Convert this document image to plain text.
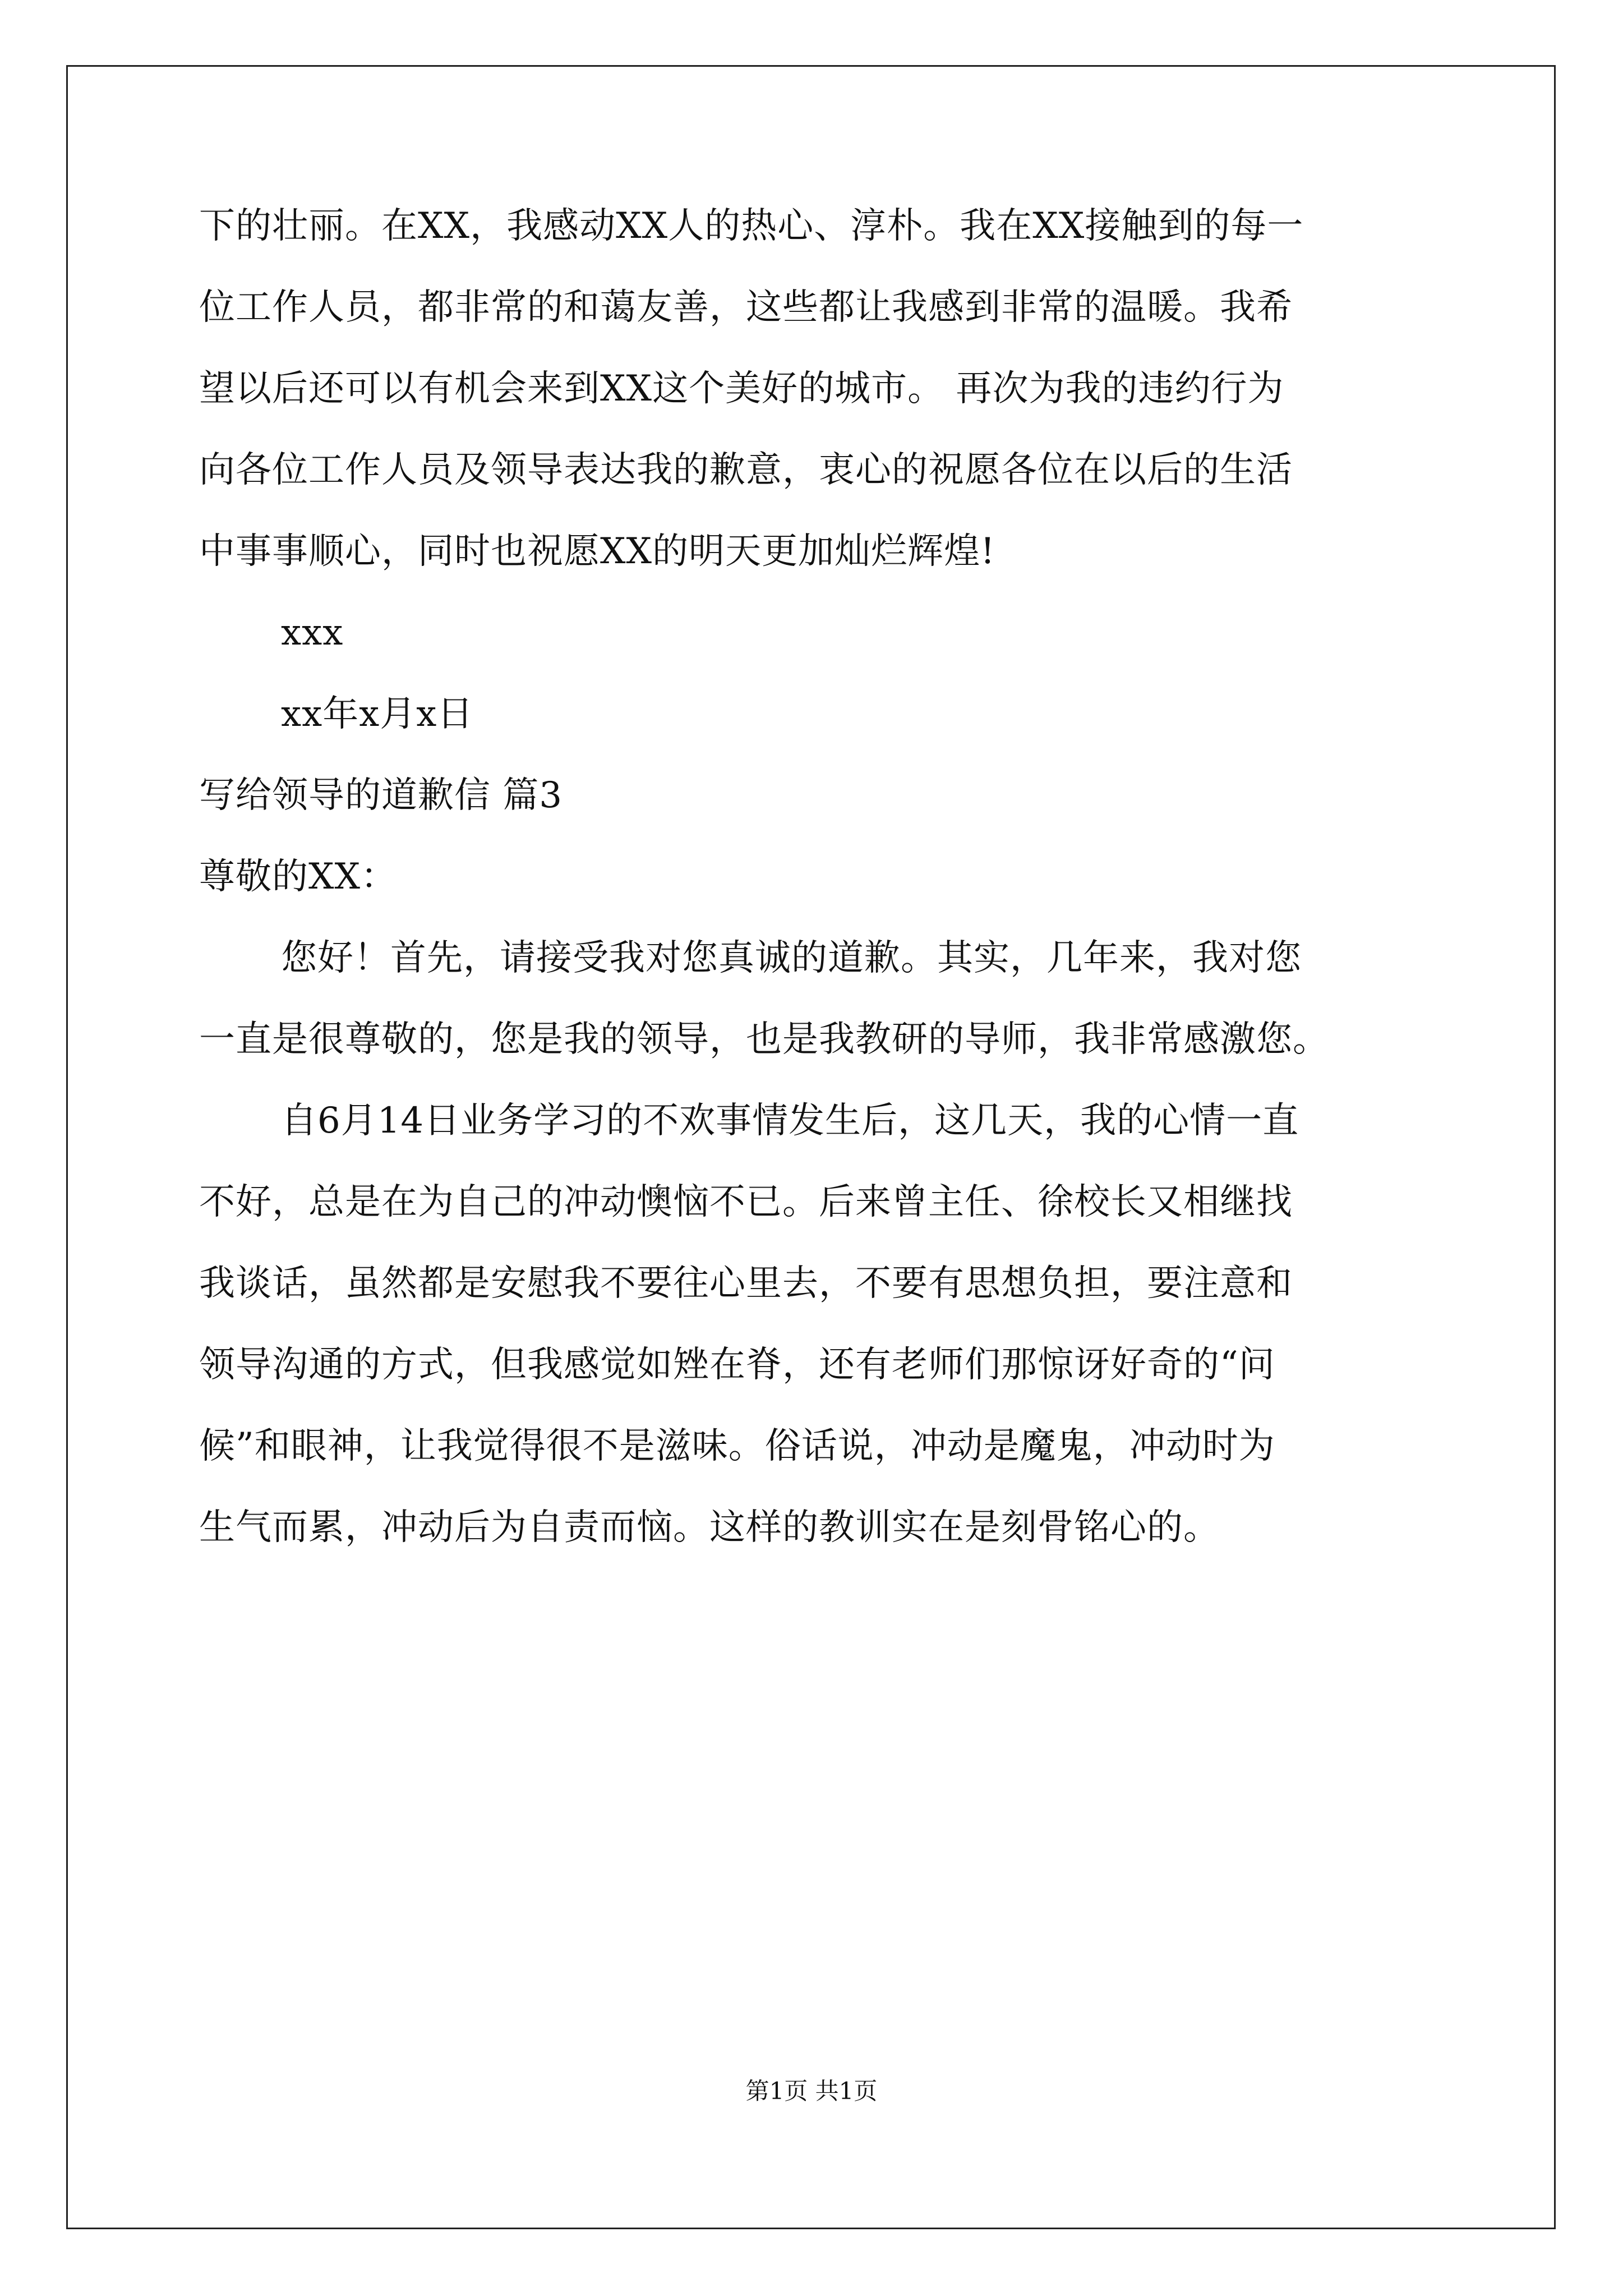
下的壮丽。在XX，我感动XX人的热心、淳朴。我在XX接触到的每一
位工作人员，都非常的和蔼友善，这些都让我感到非常的温暖。我希
望以后还可以有机会来到XX这个美好的城市。 再次为我的违约行为
向各位工作人员及领导表达我的歉意，衷心的祝愿各位在以后的生活
中事事顺心，同时也祝愿XX的明天更加灿烂辉煌!
xxx
xx年x月x日
写给领导的道歉信 篇3
尊敬的XX：
您好！首先，请接受我对您真诚的道歉。其实，几年来，我对您
一直是很尊敬的，您是我的领导，也是我教研的导师，我非常感激您。
自6月14日业务学习的不欢事情发生后，这几天，我的心情一直
不好，总是在为自己的冲动懊恼不已。后来曾主任、徐校长又相继找
我谈话，虽然都是安慰我不要往心里去，不要有思想负担，要注意和
领导沟通的方式，但我感觉如矬在脊，还有老师们那惊讶好奇的“问
候”和眼神，让我觉得很不是滋味。俗话说，冲动是魔鬼，冲动时为
生气而累，冲动后为自责而恼。这样的教训实在是刻骨铭心的。
第1页 共1页
